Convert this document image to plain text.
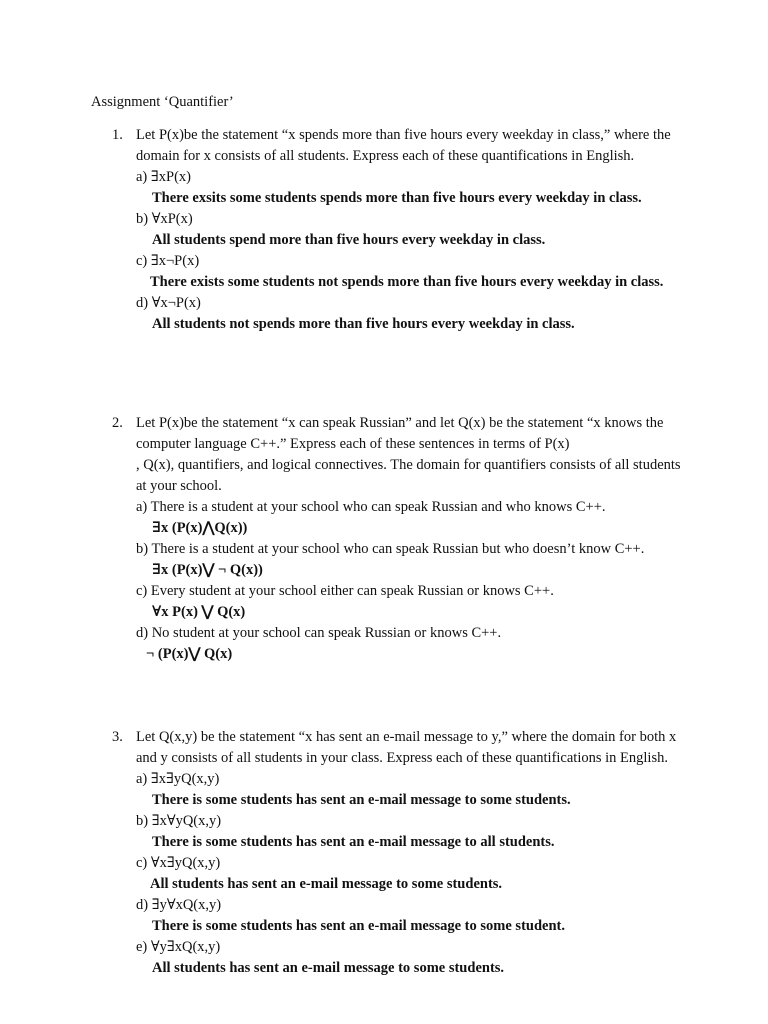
Assignment ‘Quantifier’
1. Let P(x)be the statement “x spends more than five hours every weekday in class,” where the domain for x consists of all students. Express each of these quantifications in English.
a) ∃xP(x)
There exsits some students spends more than five hours every weekday in class.
b) ∀xP(x)
All students spend more than five hours every weekday in class.
c) ∃x¬P(x)
There exists some students not spends more than five hours every weekday in class.
d) ∀x¬P(x)
All students not spends more than five hours every weekday in class.
2. Let P(x)be the statement “x can speak Russian” and let Q(x) be the statement “x knows the computer language C++.” Express each of these sentences in terms of P(x)
, Q(x), quantifiers, and logical connectives. The domain for quantifiers consists of all students at your school.
a) There is a student at your school who can speak Russian and who knows C++.
∃x (P(x)⋀Q(x))
b) There is a student at your school who can speak Russian but who doesn’t know C++.
∃x (P(x)⋁ ¬ Q(x))
c) Every student at your school either can speak Russian or knows C++.
∀x P(x) ⋁ Q(x)
d) No student at your school can speak Russian or knows C++.
¬ (P(x)⋁ Q(x)
3. Let Q(x,y) be the statement “x has sent an e-mail message to y,” where the domain for both x and y consists of all students in your class. Express each of these quantifications in English.
a) ∃x∃yQ(x,y)
There is some students has sent an e-mail message to some students.
b) ∃x∀yQ(x,y)
There is some students has sent an e-mail message to all students.
c) ∀x∃yQ(x,y)
All students has sent an e-mail message to some students.
d) ∃y∀xQ(x,y)
There is some students has sent an e-mail message to some student.
e) ∀y∃xQ(x,y)
All students has sent an e-mail message to some students.
